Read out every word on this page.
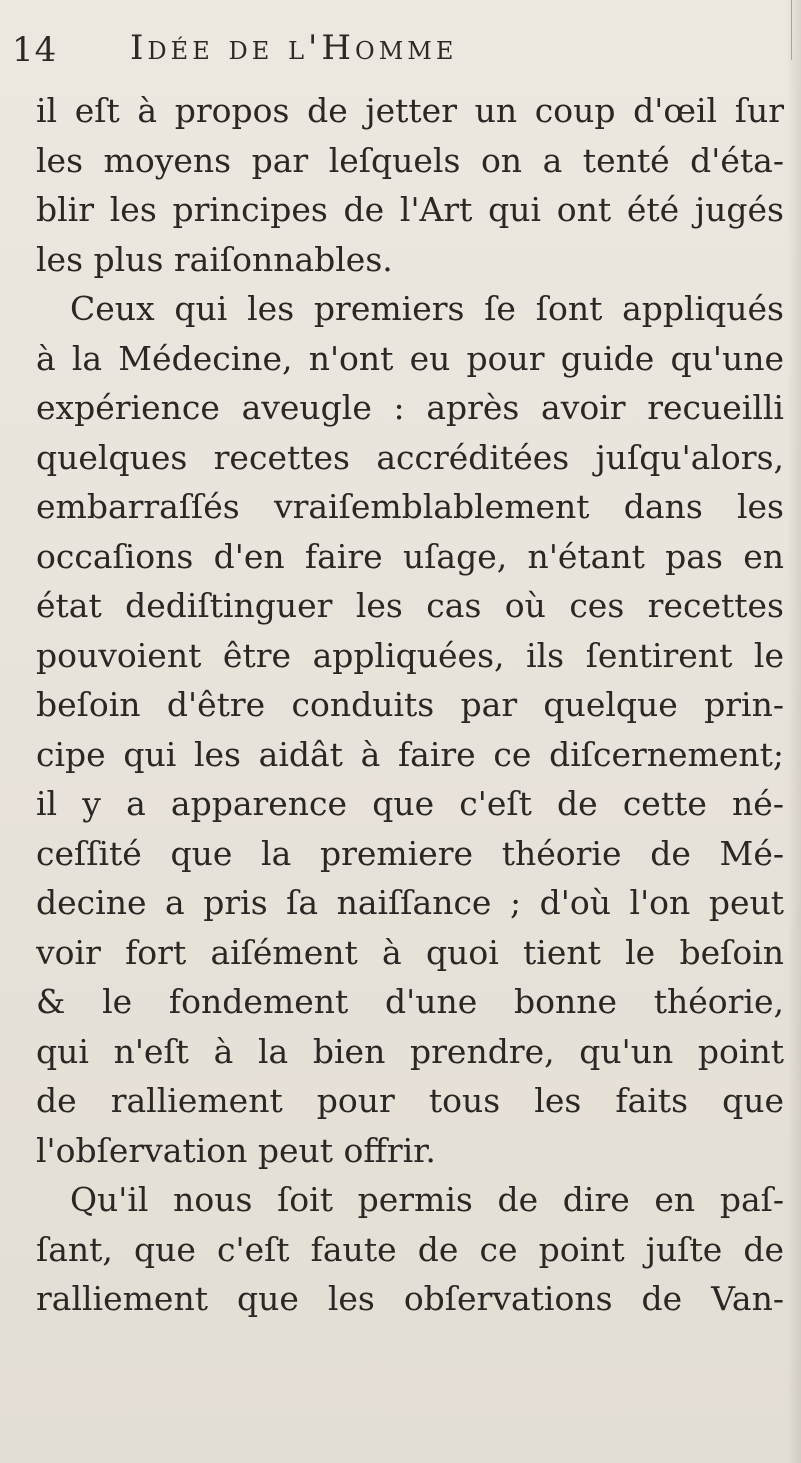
14 Idée de l'Homme
il eſt à propos de jetter un coup d'œil ſur
les moyens par leſquels on a tenté d'éta-
blir les principes de l'Art qui ont été jugés
les plus raiſonnables.
Ceux qui les premiers ſe ſont appliqués
à la Médecine, n'ont eu pour guide qu'une
expérience aveugle : après avoir recueilli
quelques recettes accréditées juſqu'alors,
embarraſſés vraiſemblablement dans les
occaſions d'en faire uſage, n'étant pas en
état dediſtinguer les cas où ces recettes
pouvoient être appliquées, ils ſentirent le
beſoin d'être conduits par quelque prin-
cipe qui les aidât à faire ce diſcernement;
il y a apparence que c'eſt de cette né-
ceſſité que la premiere théorie de Mé-
decine a pris ſa naiſſance ; d'où l'on peut
voir fort aiſément à quoi tient le beſoin
& le fondement d'une bonne théorie,
qui n'eſt à la bien prendre, qu'un point
de ralliement pour tous les faits que
l'obſervation peut offrir.
Qu'il nous ſoit permis de dire en paſ-
ſant, que c'eſt faute de ce point juſte de
ralliement que les obſervations de Van-
